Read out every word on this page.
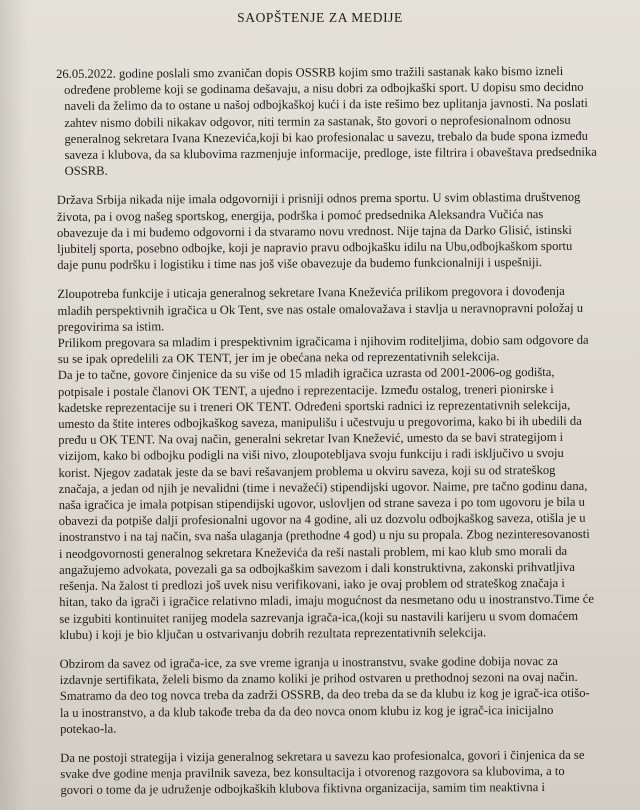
SAOPŠTENJE ZA MEDIJE

26.05.2022. godine poslali smo zvaničan dopis OSSRB kojim smo tražili sastanak kako bismo izneli
određene probleme koji se godinama dešavaju, a nisu dobri za odbojkaški sport. U dopisu smo decidno
naveli da želimo da to ostane u našoj odbojkaškoj kući i da iste rešimo bez uplitanja javnosti. Na poslati
zahtev nismo dobili nikakav odgovor, niti termin za sastanak, što govori o neprofesionalnom odnosu
generalnog sekretara Ivana Knezevića,koji bi kao profesionalac u savezu, trebalo da bude spona između
saveza i klubova, da sa klubovima razmenjuje informacije, predloge, iste filtrira i obaveštava predsednika
OSSRB.

Država Srbija nikada nije imala odgovorniji i prisniji odnos prema sportu. U svim oblastima društvenog
života, pa i ovog našeg sportskog, energija, podrška i pomoć predsednika Aleksandra Vučića nas
obavezuje da i mi budemo odgovorni i da stvaramo novu vrednost. Nije tajna da Darko Glisić, istinski
ljubitelj sporta, posebno odbojke, koji je napravio pravu odbojkašku idilu na Ubu,odbojkaškom sportu
daje punu podršku i logistiku i time nas još više obavezuje da budemo funkcionalniji i uspešniji.

Zloupotreba funkcije i uticaja generalnog sekretare Ivana Kneževića prilikom pregovora i dovođenja
mladih perspektivnih igračica u Ok Tent, sve nas ostale omalovažava i stavlja u neravnopravni položaj u
pregovirima sa istim.
Prilikom pregovara sa mladim i prespektivnim igračicama i njihovim roditeljima, dobio sam odgovore da
su se ipak opredelili za OK TENT, jer im je obećana neka od reprezentativnih selekcija.
Da je to tačne, govore činjenice da su više od 15 mladih igračica uzrasta od 2001-2006-og godišta,
potpisale i postale članovi OK TENT, a ujedno i reprezentacije. Između ostalog, treneri pionirske i
kadetske reprezentacije su i treneri OK TENT. Određeni sportski radnici iz reprezentativnih selekcija,
umesto da štite interes odbojkaškog saveza, manipulišu i učestvuju u pregovorima, kako bi ih ubedili da
pređu u OK TENT. Na ovaj način, generalni sekretar Ivan Knežević, umesto da se bavi strategijom i
vizijom, kako bi odbojku podigli na viši nivo, zloupotebljava svoju funkciju i radi isključivo u svoju
korist. Njegov zadatak jeste da se bavi rešavanjem problema u okviru saveza, koji su od strateškog
značaja, a jedan od njih je nevalidni (time i nevažeći) stipendijski ugovor. Naime, pre tačno godinu dana,
naša igračica je imala potpisan stipendijski ugovor, uslovljen od strane saveza i po tom ugovoru je bila u
obavezi da potpiše dalji profesionalni ugovor na 4 godine, ali uz dozvolu odbojkaškog saveza, otišla je u
inostranstvo i na taj način, sva naša ulaganja (prethodne 4 god) u nju su propala. Zbog nezinteresovanosti
i neodgovornosti generalnog sekretara Kneževića da reši nastali problem, mi kao klub smo morali da
angažujemo advokata, povezali ga sa odbojkaškim savezom i dali konstruktivna, zakonski prihvatljiva
rešenja. Na žalost ti predlozi još uvek nisu verifikovani, iako je ovaj problem od strateškog značaja i
hitan, tako da igrači i igračice relativno mladi, imaju mogućnost da nesmetano odu u inostranstvo.Time će
se izgubiti kontinuitet ranijeg modela sazrevanja igrača-ica,(koji su nastavili karijeru u svom domaćem
klubu) i koji je bio ključan u ostvarivanju dobrih rezultata reprezentativnih selekcija.

Obzirom da savez od igrača-ice, za sve vreme igranja u inostranstvu, svake godine dobija novac za
izdavnje sertifikata, želeli bismo da znamo koliki je prihod ostvaren u prethodnoj sezoni na ovaj način.
Smatramo da deo tog novca treba da zadrži OSSRB, da deo treba da se da klubu iz kog je igrač-ica otišo-
la u inostranstvo, a da klub takođe treba da da deo novca onom klubu iz kog je igrač-ica inicijalno
potekao-la.

Da ne postoji strategija i vizija generalnog sekretara u savezu kao profesionalca, govori i činjenica da se
svake dve godine menja pravilnik saveza, bez konsultacija i otvorenog razgovora sa klubovima, a to
govori o tome da je udruženje odbojkaških klubova fiktivna organizacija, samim tim neaktivna i
